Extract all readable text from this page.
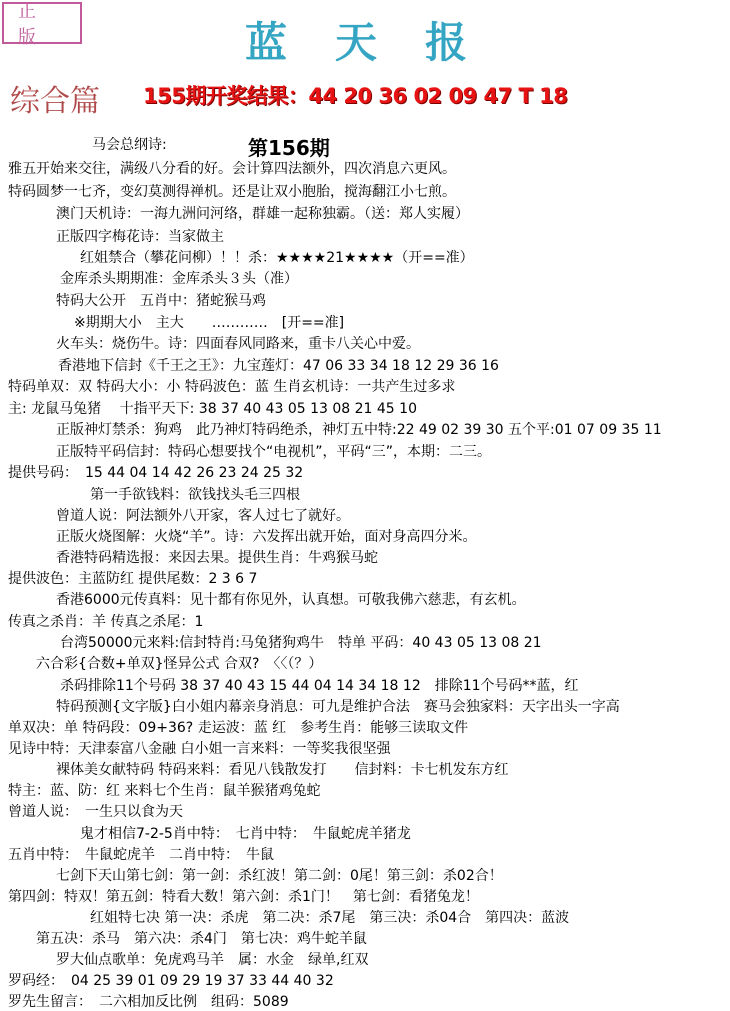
正版	蓝天报
综合篇 155期开奖结果：44 20 36 02 09 47 T 18
第156期
马会总纲诗:
雅五开始来交往，满级八分看的好。会计算四法额外，四次消息六更风。
特码圆梦一七齐，变幻莫测得禅机。还是让双小胞胎，搅海翻江小七煎。
澳门天机诗：一海九洲问河络，群雄一起称独霸。（送：郑人实履）
正版四字梅花诗：当家做主
红姐禁合（攀花问柳）！！杀：★★★★21★★★★（开==准）
金库杀头期期准：金库杀头３头（准）
特码大公开　五肖中：猪蛇猴马鸡
※期期大小　主大　　…………　[开==准]
火车头：烧伤牛。诗：四面春风同路来，重卡八关心中爱。
香港地下信封《千王之王》：九宝莲灯：47 06 33 34 18 12 29 36 16
特码单双：双 特码大小：小 特码波色：蓝 生肖玄机诗：一共产生过多求
主: 龙鼠马兔猪　 十指平天下: 38 37 40 43 05 13 08 21 45 10
正版神灯禁杀：狗鸡　此乃神灯特码绝杀，神灯五中特:22 49 02 39 30 五个平:01 07 09 35 11
正版特平码信封：特码心想要找个“电视机”，平码“三”，本期：二三。
提供号码：　15 44 04 14 42 26 23 24 25 32
第一手欲钱料：欲钱找头毛三四根
曾道人说：阿法额外八开家，客人过七了就好。
正版火烧图解：火烧“羊”。诗：六发挥出就开始，面对身高四分米。
香港特码精选报：来因去果。提供生肖：牛鸡猴马蛇
提供波色：主蓝防红 提供尾数：2 3 6 7
香港6000元传真料：见十都有你见外，认真想。可敬我佛六慈悲，有玄机。
传真之杀肖：羊 传真之杀尾：1
台湾50000元来料:信封特肖:马兔猪狗鸡牛　特单 平码：40 43 05 13 08 21
六合彩{合数+单双}怪异公式 合双?　〈〈（？）
杀码排除11个号码 38 37 40 43 15 44 04 14 34 18 12　排除11个号码**蓝，红
特码预测{文字版}白小姐内幕亲身消息：可九是维护合法　赛马会独家料：天字出头一字高
单双决：单 特码段：09+36? 走运波：蓝 红　参考生肖：能够三读取文件
见诗中特：天津泰富八金融 白小姐一言来料：一等奖我很坚强
裸体美女献特码 特码来料：看见八钱散发打　　信封料：卡七机发东方红
特主：蓝、防：红 来料七个生肖：鼠羊猴猪鸡兔蛇
曾道人说：　一生只以食为天
鬼才相信7-2-5肖中特：　七肖中特：　牛鼠蛇虎羊猪龙
五肖中特：　牛鼠蛇虎羊　二肖中特：　牛鼠
七剑下天山第七剑：第一剑：杀红波！第二剑：0尾！第三剑：杀02合！
第四剑：特双！第五剑：特看大数！第六剑：杀1门！　第七剑：看猪兔龙！
红姐特七决 第一决：杀虎　第二决：杀7尾　第三决：杀04合　第四决：蓝波
第五决：杀马　第六决：杀4门　第七决：鸡牛蛇羊鼠
罗大仙点歌单：免虎鸡马羊　属：水金　绿单,红双
罗码经：　04 25 39 01 09 29 19 37 33 44 40 32
罗先生留言：　二六相加反比例　组码：5089
